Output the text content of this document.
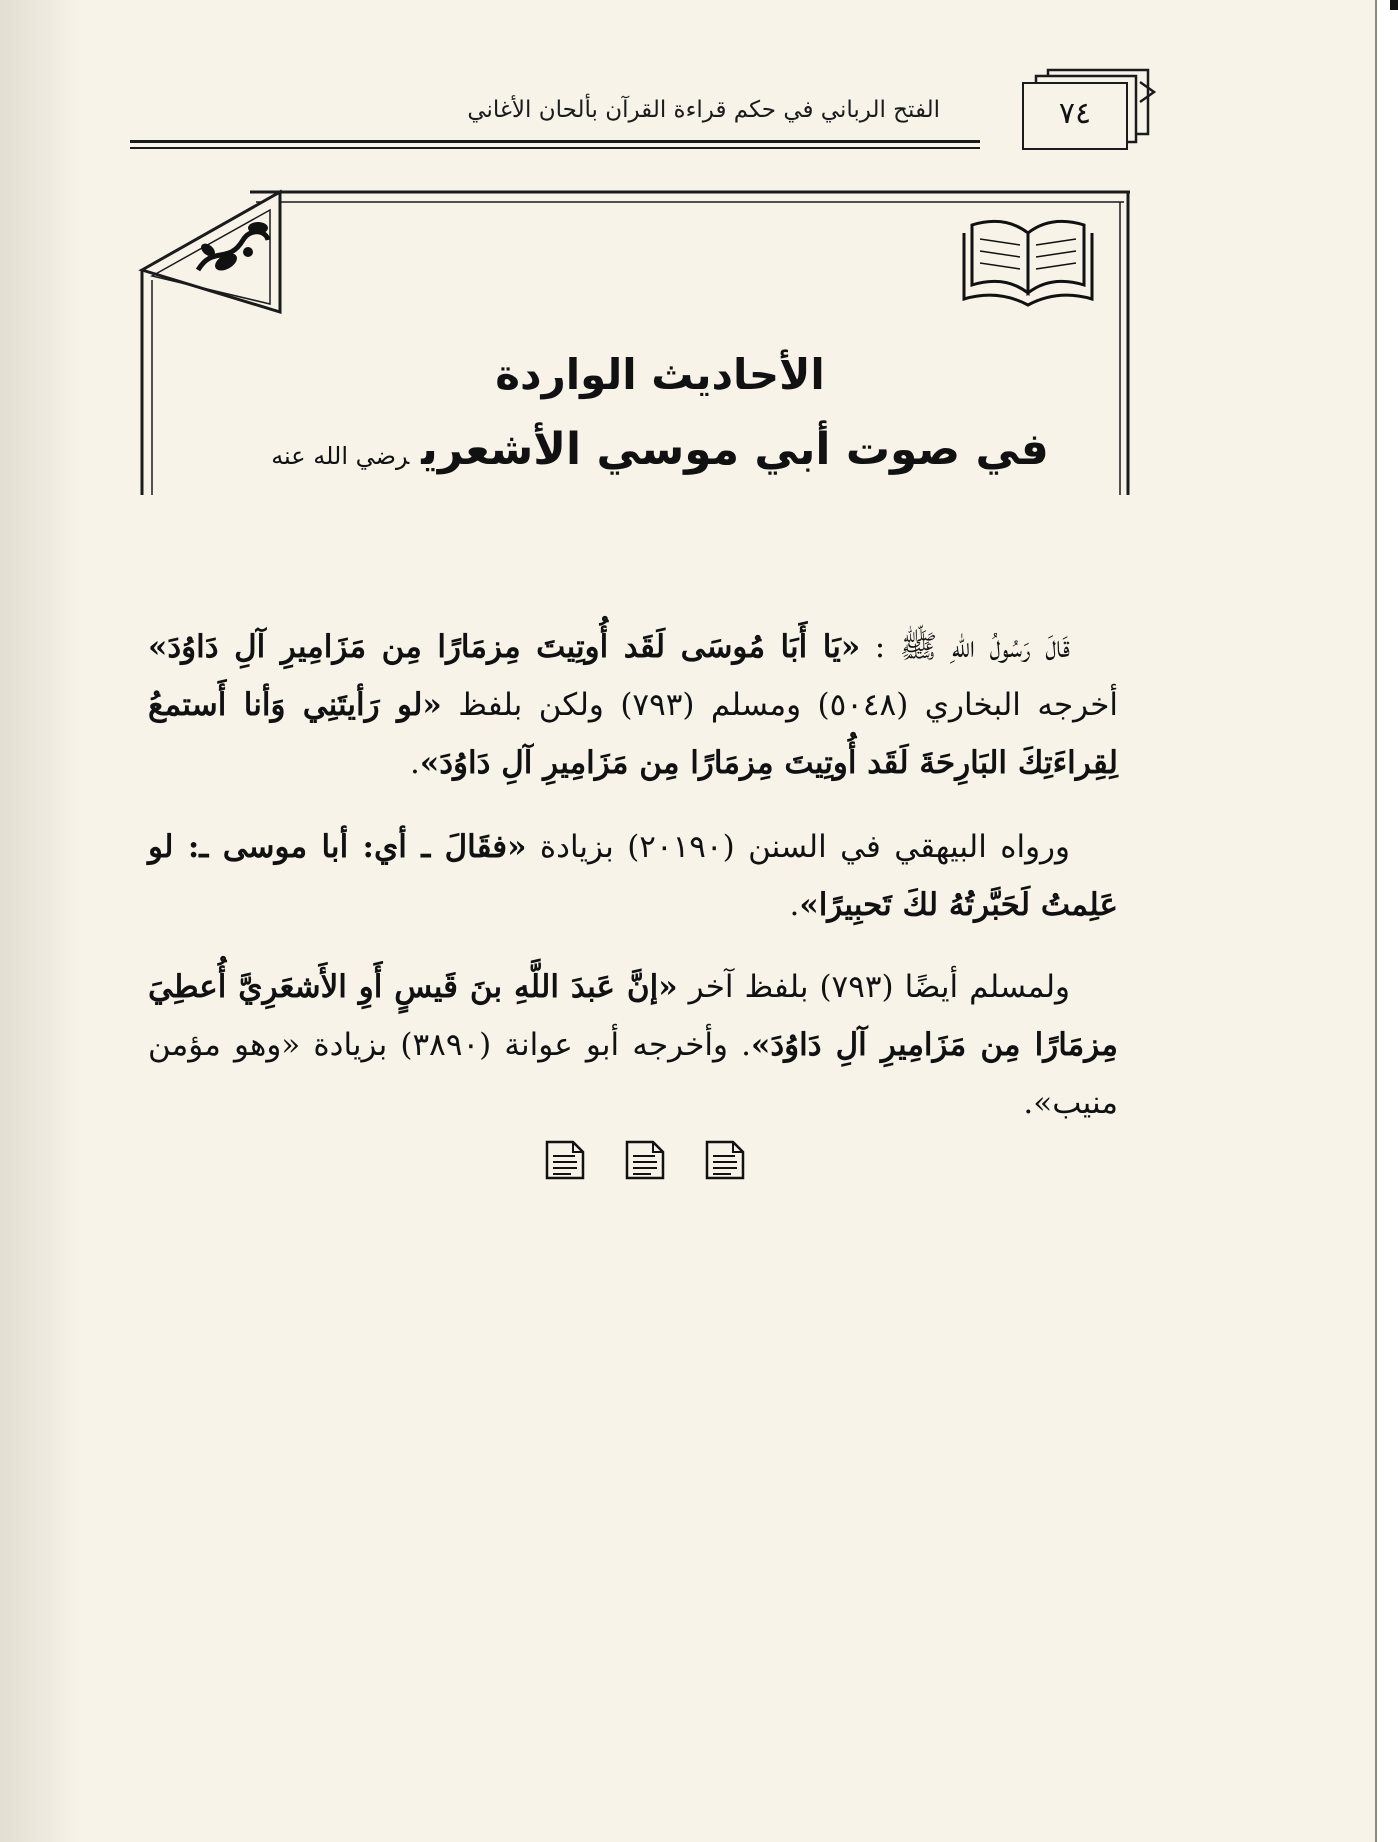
الفتح الرباني في حكم قراءة القرآن بألحان الأغاني	٧٤
الأحاديث الواردة
في صوت أبي موسي الأشعريرضي الله عنه
قَالَ رَسُولُ اللهِ ﷺ : «يَا أَبَا مُوسَى لَقَد أُوتِيتَ مِزمَارًا مِن مَزَامِيرِ آلِ دَاوُدَ» أخرجه البخاري (٥٠٤٨) ومسلم (٧٩٣) ولكن بلفظ «لو رَأيتَنِي وَأنا أَستمعُ لِقِراءَتِكَ البَارِحَةَ لَقَد أُوتِيتَ مِزمَارًا مِن مَزَامِيرِ آلِ دَاوُدَ».
ورواه البيهقي في السنن (٢٠١٩٠) بزيادة «فقَالَ ـ أي: أبا موسى ـ: لو عَلِمتُ لَحَبَّرتُهُ لكَ تَحبِيرًا».
ولمسلم أيضًا (٧٩٣) بلفظ آخر «إنَّ عَبدَ اللَّهِ بنَ قَيسٍ أَوِ الأَشعَرِيَّ أُعطِيَ مِزمَارًا مِن مَزَامِيرِ آلِ دَاوُدَ». وأخرجه أبو عوانة (٣٨٩٠) بزيادة «وهو مؤمن منيب».
